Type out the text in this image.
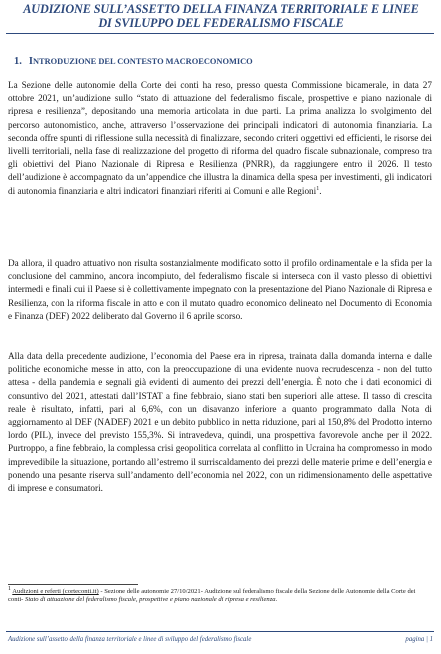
AUDIZIONE SULL’ASSETTO DELLA FINANZA TERRITORIALE E LINEE
DI SVILUPPO DEL FEDERALISMO FISCALE
1. INTRODUZIONE DEL CONTESTO MACROECONOMICO

La Sezione delle autonomie della Corte dei conti ha reso, presso questa Commissione bicamerale, in data 27 ottobre 2021, un’audizione sullo “stato di attuazione del federalismo fiscale, prospettive e piano nazionale di ripresa e resilienza”, depositando una memoria articolata in due parti. La prima analizza lo svolgimento del percorso autonomistico, anche, attraverso l’osservazione dei principali indicatori di autonomia finanziaria. La seconda offre spunti di riflessione sulla necessità di finalizzare, secondo criteri oggettivi ed efficienti, le risorse dei livelli territoriali, nella fase di realizzazione del progetto di riforma del quadro fiscale subnazionale, compreso tra gli obiettivi del Piano Nazionale di Ripresa e Resilienza (PNRR), da raggiungere entro il 2026. Il testo dell’audizione è accompagnato da un’appendice che illustra la dinamica della spesa per investimenti, gli indicatori di autonomia finanziaria e altri indicatori finanziari riferiti ai Comuni e alle Regioni$^1$.

Da allora, il quadro attuativo non risulta sostanzialmente modificato sotto il profilo ordinamentale e la sfida per la conclusione del cammino, ancora incompiuto, del federalismo fiscale si interseca con il vasto plesso di obiettivi intermedi e finali cui il Paese si è collettivamente impegnato con la presentazione del Piano Nazionale di Ripresa e Resilienza, con la riforma fiscale in atto e con il mutato quadro economico delineato nel Documento di Economia e Finanza (DEF) 2022 deliberato dal Governo il 6 aprile scorso.

Alla data della precedente audizione, l’economia del Paese era in ripresa, trainata dalla domanda interna e dalle politiche economiche messe in atto, con la preoccupazione di una evidente nuova recrudescenza - non del tutto attesa - della pandemia e segnali già evidenti di aumento dei prezzi dell’energia. È noto che i dati economici di consuntivo del 2021, attestati dall’ISTAT a fine febbraio, siano stati ben superiori alle attese. Il tasso di crescita reale è risultato, infatti, pari al 6,6%, con un disavanzo inferiore a quanto programmato dalla Nota di aggiornamento al DEF (NADEF) 2021 e un debito pubblico in netta riduzione, pari al 150,8% del Prodotto interno lordo (PIL), invece del previsto 155,3%. Si intravedeva, quindi, una prospettiva favorevole anche per il 2022. Purtroppo, a fine febbraio, la complessa crisi geopolitica correlata al conflitto in Ucraina ha compromesso in modo imprevedibile la situazione, portando all’estremo il surriscaldamento dei prezzi delle materie prime e dell’energia e ponendo una pesante riserva sull’andamento dell’economia nel 2022, con un ridimensionamento delle aspettative di imprese e consumatori.

$^1$ Audizioni e referti (corteconti.it) - Sezione delle autonomie 27/10/2021- Audizione sul federalismo fiscale della Sezione delle Autonomie della Corte dei conti- Stato di attuazione del federalismo fiscale, prospettive e piano nazionale di ripresa e resilienza.

Audizione sull’assetto della finanza territoriale e linee di sviluppo del federalismo fiscale	pagina | 1
